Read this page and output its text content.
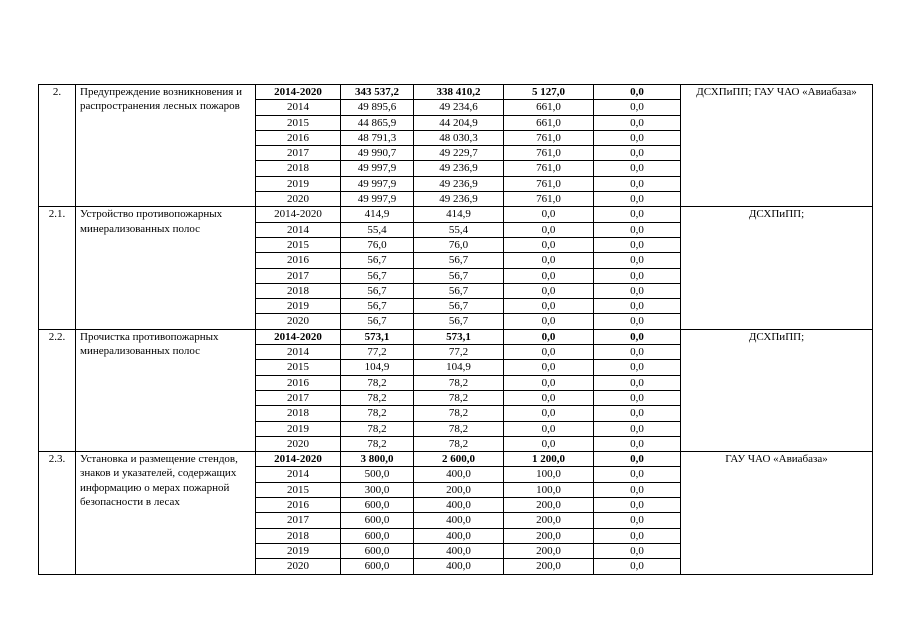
2.	Предупреждение возникновения и распространения лесных пожаров	2014-2020	343 537,2	338 410,2	5 127,0	0,0	ДСХПиПП; ГАУ ЧАО «Авиабаза»
		2014	49 895,6	49 234,6	661,0	0,0	
		2015	44 865,9	44 204,9	661,0	0,0	
		2016	48 791,3	48 030,3	761,0	0,0	
		2017	49 990,7	49 229,7	761,0	0,0	
		2018	49 997,9	49 236,9	761,0	0,0	
		2019	49 997,9	49 236,9	761,0	0,0	
		2020	49 997,9	49 236,9	761,0	0,0	
2.1.	Устройство противопожарных минерализованных полос	2014-2020	414,9	414,9	0,0	0,0	ДСХПиПП;
		2014	55,4	55,4	0,0	0,0	
		2015	76,0	76,0	0,0	0,0	
		2016	56,7	56,7	0,0	0,0	
		2017	56,7	56,7	0,0	0,0	
		2018	56,7	56,7	0,0	0,0	
		2019	56,7	56,7	0,0	0,0	
		2020	56,7	56,7	0,0	0,0	
2.2.	Прочистка противопожарных минерализованных полос	2014-2020	573,1	573,1	0,0	0,0	ДСХПиПП;
		2014	77,2	77,2	0,0	0,0	
		2015	104,9	104,9	0,0	0,0	
		2016	78,2	78,2	0,0	0,0	
		2017	78,2	78,2	0,0	0,0	
		2018	78,2	78,2	0,0	0,0	
		2019	78,2	78,2	0,0	0,0	
		2020	78,2	78,2	0,0	0,0	
2.3.	Установка и размещение стендов, знаков и указателей, содержащих информацию о мерах пожарной безопасности в лесах	2014-2020	3 800,0	2 600,0	1 200,0	0,0	ГАУ ЧАО «Авиабаза»
		2014	500,0	400,0	100,0	0,0	
		2015	300,0	200,0	100,0	0,0	
		2016	600,0	400,0	200,0	0,0	
		2017	600,0	400,0	200,0	0,0	
		2018	600,0	400,0	200,0	0,0	
		2019	600,0	400,0	200,0	0,0	
		2020	600,0	400,0	200,0	0,0	
